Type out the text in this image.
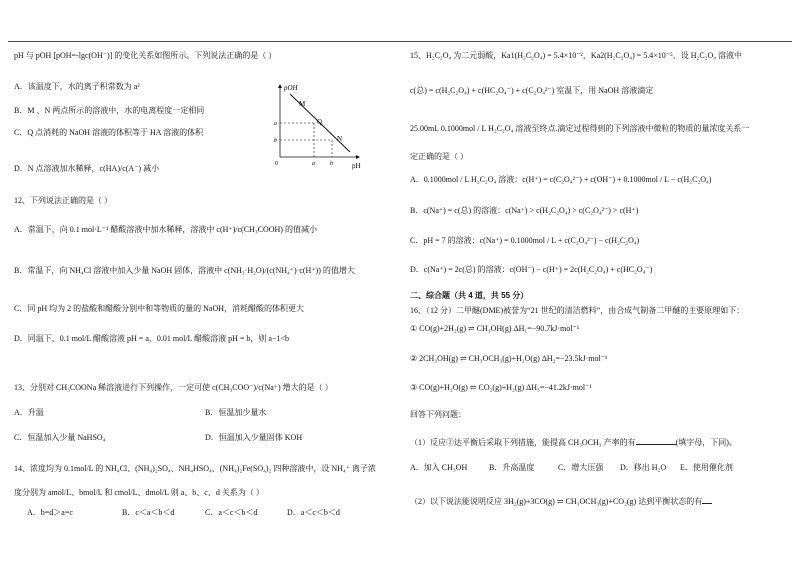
pH 与 pOH [pOH=-lgc(OH⁻)] 的变化关系如图所示。下列说法正确的是（ ）
A．该温度下，水的离子积常数为 a²
B．M 、N 两点所示的溶液中，水的电离程度一定相同
C．Q 点消耗的 NaOH 溶液的体积等于 HA 溶液的体积
D．N 点溶液加水稀释，c(HA)/c(A⁻) 减小
pOH
pH
0
a
b
a	b
M
Q
N
12、下列说法正确的是（ ）
A．常温下，向 0.1 mol·L⁻¹ 醋酸溶液中加水稀释，溶液中 c(H⁺)/c(CH₃COOH) 的值减小
B．常温下，向 NH₄Cl 溶液中加入少量 NaOH 固体，溶液中 c(NH₃·H₂O)/(c(NH₄⁺)·c(H⁺)) 的值增大
C．同 pH 均为 2 的盐酸和醋酸分别中和等物质的量的 NaOH，消耗醋酸的体积更大
D．同温下，0.1 mol/L 醋酸溶液 pH = a，0.01 mol/L 醋酸溶液 pH = b，则 a−1<b
13、分别对 CH₃COONa 稀溶液进行下列操作，一定可使 c(CH₃COO⁻)/c(Na⁺) 增大的是（ ）
A．升温	B．恒温加少量水
C．恒温加入少量 NaHSO₄	D．恒温加入少量固体 KOH
14、浓度均为 0.1mol/L 的 NH₄Cl、(NH₄)₂SO₄、NH₄HSO₄、(NH₄)₂Fe(SO₄)₂ 四种溶液中，设 NH₄⁺ 离子浓
度分别为 amol/L、bmol/L 和 cmol/L、dmol/L 则 a、b、c、d 关系为（ ）
A．b=d＞a=c	B．c＜a＜b＜d	C．a＜c＜b＜d	D．a＜c＜b＜d
15、H₂C₂O₄ 为二元弱酸，Ka1(H₂C₂O₄) = 5.4×10⁻²，Ka2(H₂C₂O₄) = 5.4×10⁻⁵，设 H₂C₂O₄ 溶液中
c(总) = c(H₂C₂O₄) + c(HC₂O₄⁻) + c(C₂O₄²⁻) 室温下，用 NaOH 溶液滴定
25.00mL 0.1000mol / L H₂C₂O₄ 溶液至终点.滴定过程得到的下列溶液中微粒的物质的量浓度关系一
定正确的是（ ）
A．0.1000mol / L H₂C₂O₄ 溶液：c(H⁺) = c(C₂O₄²⁻) + c(OH⁻) + 0.1000mol / L − c(H₂C₂O₄)
B．c(Na⁺) = c(总) 的溶液：c(Na⁺) > c(H₂C₂O₄) > c(C₂O₄²⁻) > c(H⁺)
C．pH = 7 的溶液：c(Na⁺) = 0.1000mol / L + c(C₂O₄²⁻) − c(H₂C₂O₄)
D．c(Na⁺) = 2c(总) 的溶液：c(OH⁻) − c(H⁺) = 2c(H₂C₂O₄) + c(HC₂O₄⁻)
二、综合题（共 4 道，共 55 分）
16、（12 分）二甲醚(DME)被誉为“21 世纪的清洁燃料”，由合成气制备二甲醚的主要原理如下：
① CO(g)+2H₂(g) ⇌ CH₃OH(g) ΔH₁=−90.7kJ·mol⁻¹
② 2CH₃OH(g) ⇌ CH₃OCH₃(g)+H₂O(g) ΔH₂=−23.5kJ·mol⁻¹
③ CO(g)+H₂O(g) ⇌ CO₂(g)+H₂(g) ΔH₃=−41.2kJ·mol⁻¹
回答下列问题：
（1）反应②达平衡后采取下列措施，能提高 CH₃OCH₃ 产率的有	(填字母，下同)。
A．加入 CH₃OH	B．升高温度	C．增大压强 D．移出 H₂O E．使用催化剂
（2）以下说法能说明反应 3H₂(g)+3CO(g) ⇌ CH₃OCH₃(g)+CO₂(g) 达到平衡状态的有
